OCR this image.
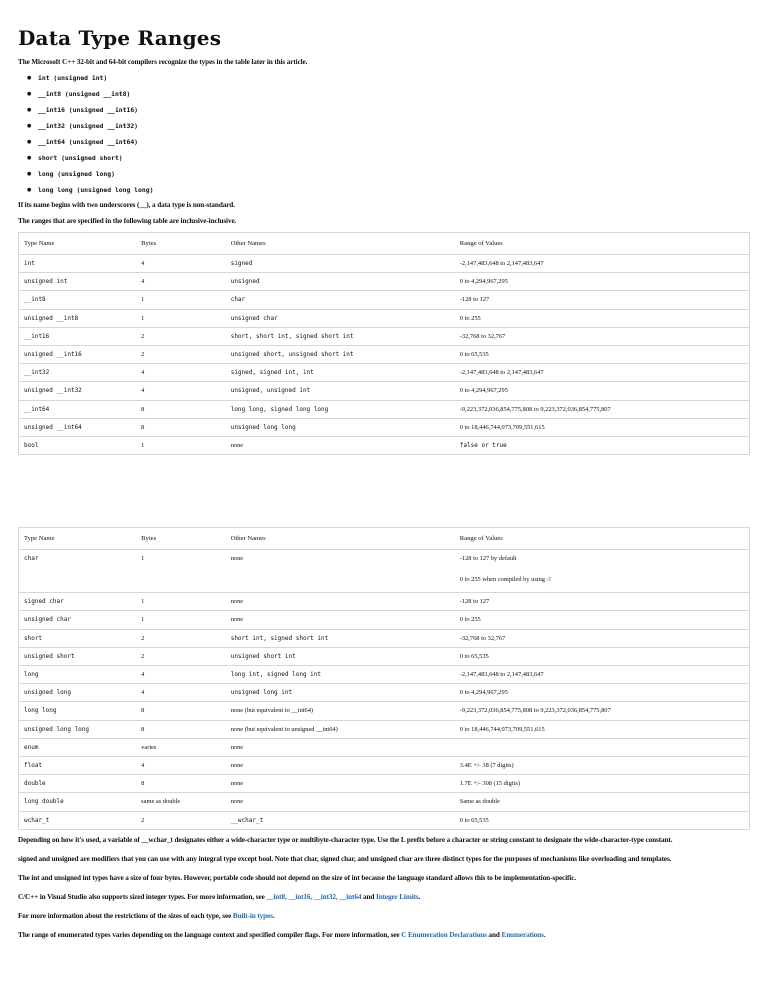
Data Type Ranges

The Microsoft C++ 32-bit and 64-bit compilers recognize the types in the table later in this article.

● int (unsigned int)
● __int8 (unsigned __int8)
● __int16 (unsigned __int16)
● __int32 (unsigned __int32)
● __int64 (unsigned __int64)
● short (unsigned short)
● long (unsigned long)
● long long (unsigned long long)

If its name begins with two underscores (__), a data type is non-standard.

The ranges that are specified in the following table are inclusive-inclusive.

Type Name	Bytes	Other Names	Range of Values
int	4	signed	-2,147,483,648 to 2,147,483,647
unsigned int	4	unsigned	0 to 4,294,967,295
__int8	1	char	-128 to 127
unsigned __int8	1	unsigned char	0 to 255
__int16	2	short, short int, signed short int	-32,768 to 32,767
unsigned __int16	2	unsigned short, unsigned short int	0 to 65,535
__int32	4	signed, signed int, int	-2,147,483,648 to 2,147,483,647
unsigned __int32	4	unsigned, unsigned int	0 to 4,294,967,295
__int64	8	long long, signed long long	-9,223,372,036,854,775,808 to 9,223,372,036,854,775,807
unsigned __int64	8	unsigned long long	0 to 18,446,744,073,709,551,615
bool	1	none	false or true
Type Name	Bytes	Other Names	Range of Values
char	1	none	-128 to 127 by default
0 to 255 when compiled by using /J

signed char	1	none	-128 to 127
unsigned char	1	none	0 to 255
short	2	short int, signed short int	-32,768 to 32,767
unsigned short	2	unsigned short int	0 to 65,535
long	4	long int, signed long int	-2,147,483,648 to 2,147,483,647
unsigned long	4	unsigned long int	0 to 4,294,967,295
long long	8	none (but equivalent to __int64)	-9,223,372,036,854,775,808 to 9,223,372,036,854,775,807
unsigned long long	8	none (but equivalent to unsigned __int64)	0 to 18,446,744,073,709,551,615
enum	varies	none	
float	4	none	3.4E +/- 38 (7 digits)
double	8	none	1.7E +/- 308 (15 digits)
long double	same as double	none	Same as double
wchar_t	2	__wchar_t	0 to 65,535

Depending on how it's used, a variable of __wchar_t designates either a wide-character type or multibyte-character type. Use the L prefix before a character or string constant to designate the wide-character-type constant.

signed and unsigned are modifiers that you can use with any integral type except bool. Note that char, signed char, and unsigned char are three distinct types for the purposes of mechanisms like overloading and templates.

The int and unsigned int types have a size of four bytes. However, portable code should not depend on the size of int because the language standard allows this to be implementation-specific.

C/C++ in Visual Studio also supports sized integer types. For more information, see __int8, __int16, __int32, __int64 and Integer Limits.

For more information about the restrictions of the sizes of each type, see Built-in types.

The range of enumerated types varies depending on the language context and specified compiler flags. For more information, see C Enumeration Declarations and Enumerations.
